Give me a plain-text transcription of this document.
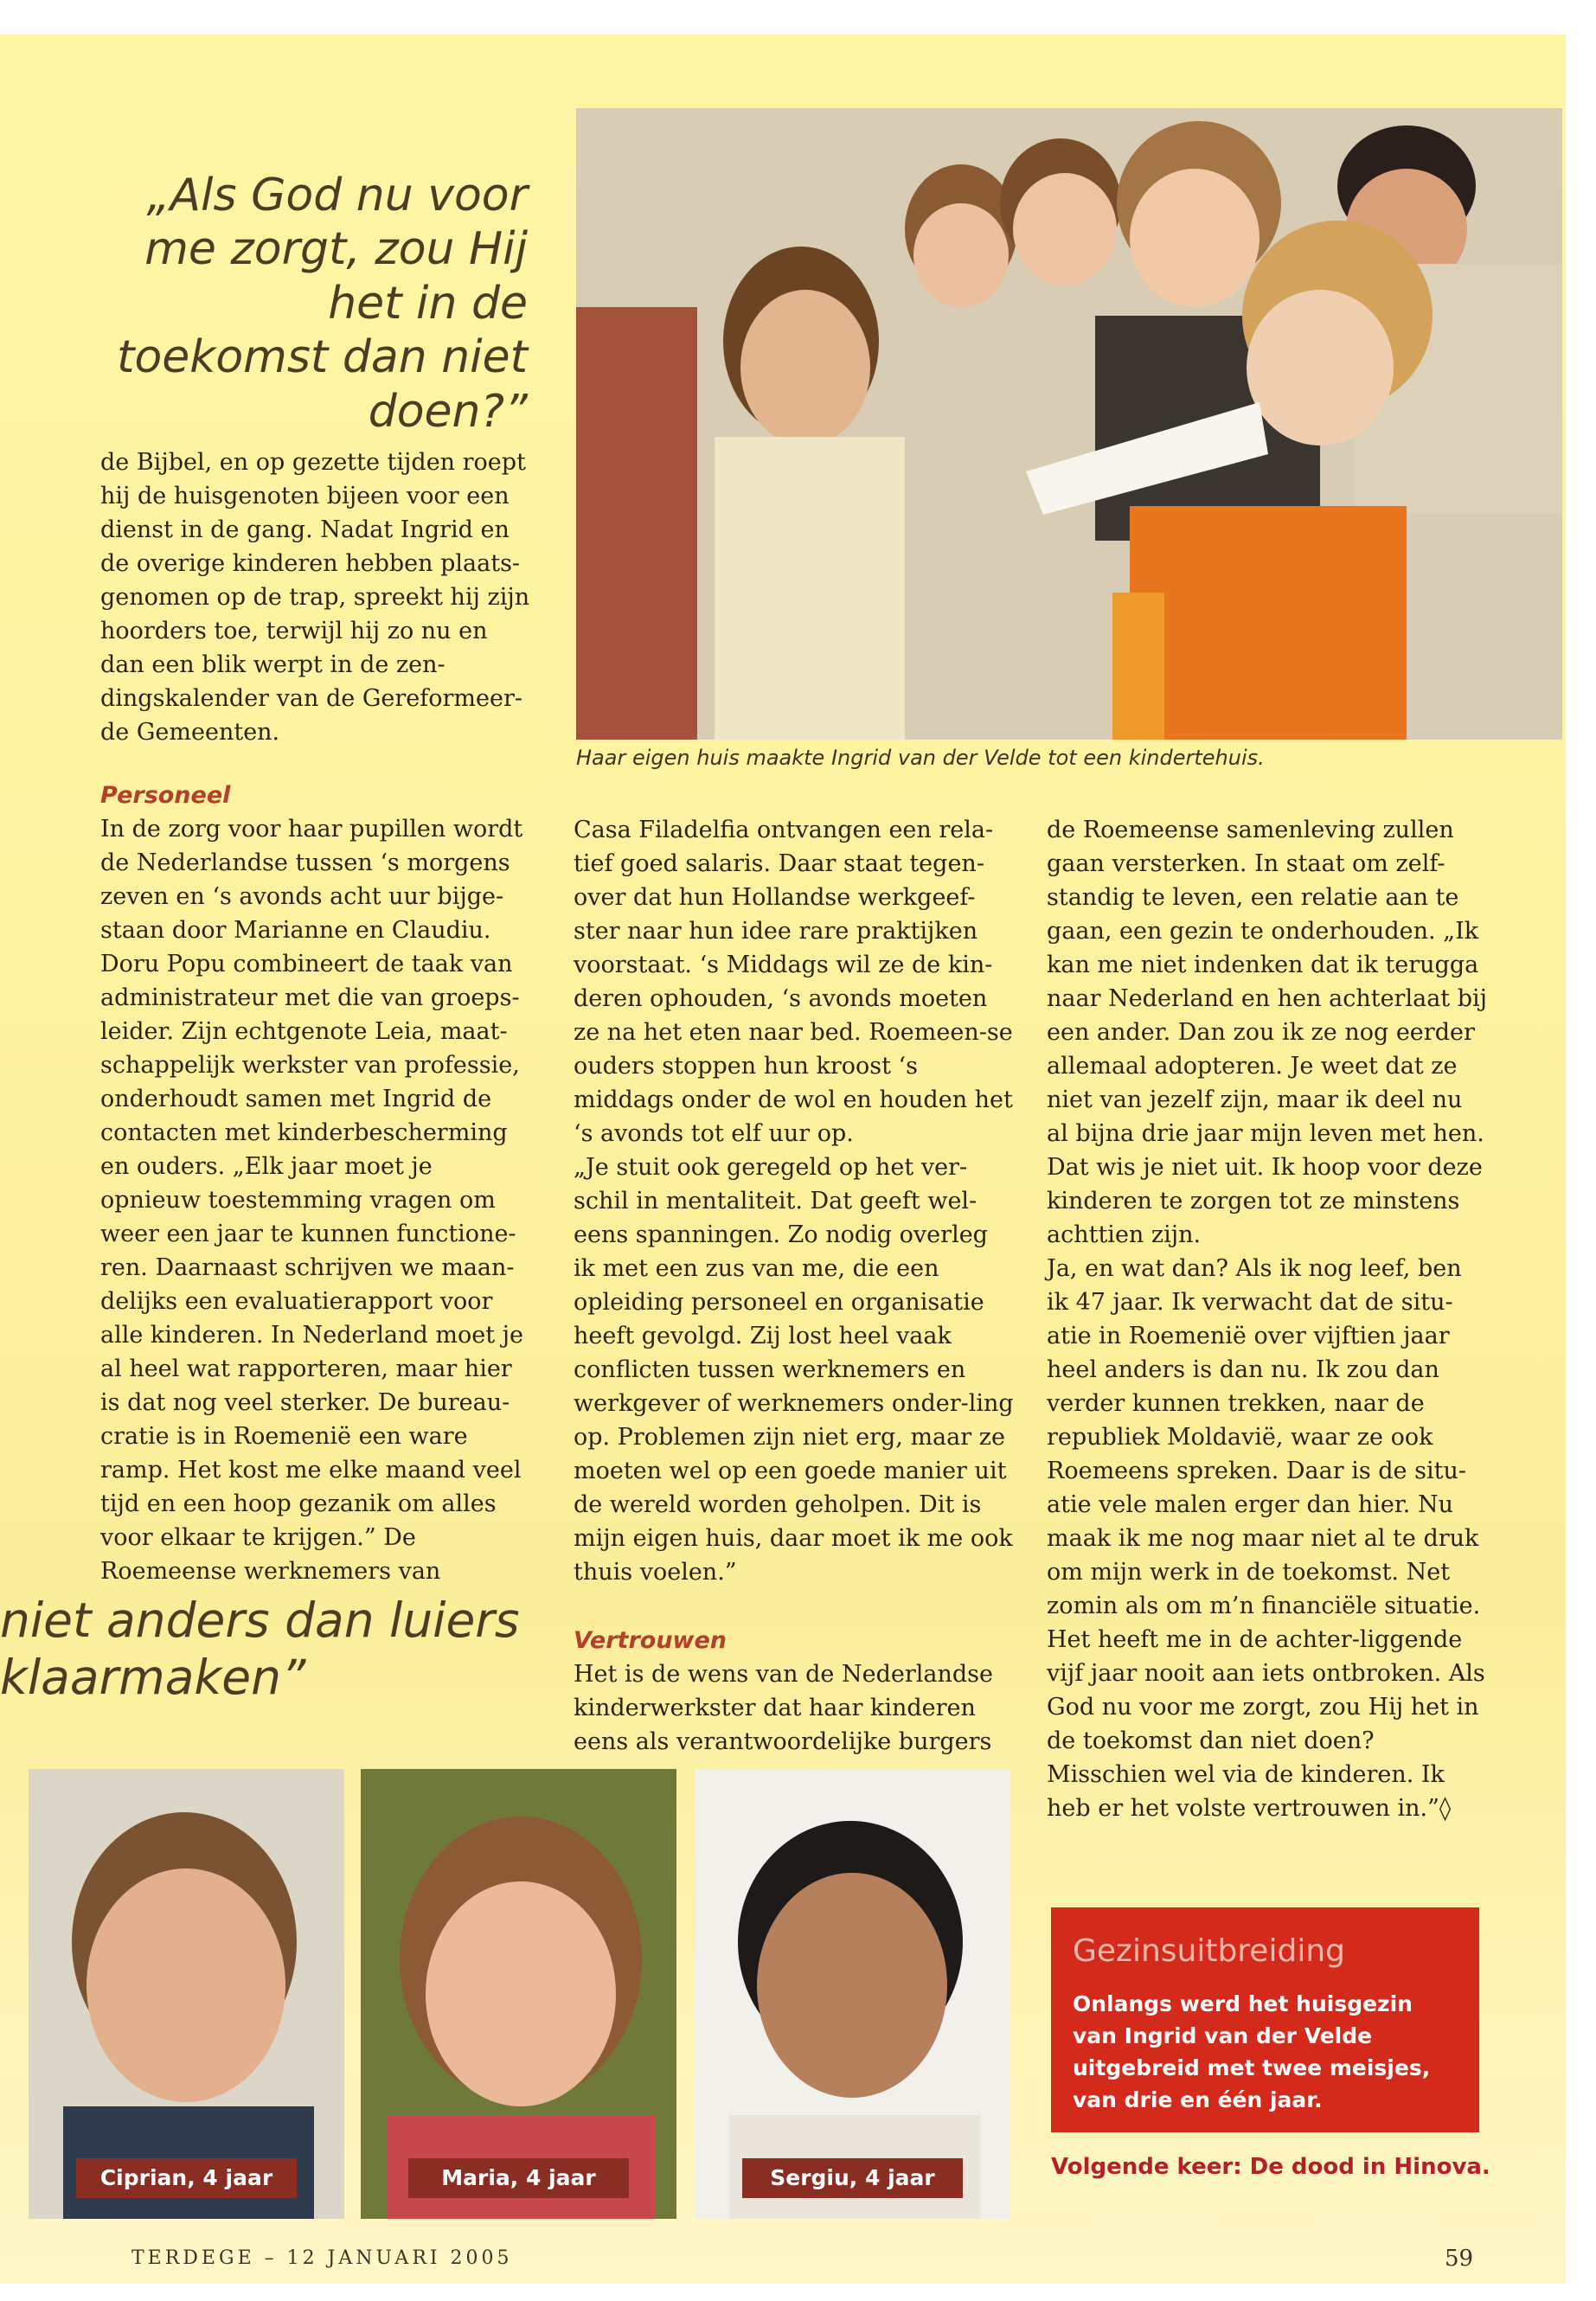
„Als God nu voor me zorgt, zou Hij het in de toekomst dan niet doen?”

de Bijbel, en op gezette tijden roept hij de huisgenoten bijeen voor een dienst in de gang. Nadat Ingrid en de overige kinderen hebben plaats-genomen op de trap, spreekt hij zijn hoorders toe, terwijl hij zo nu en dan een blik werpt in de zen-dingskalender van de Gereformeer-de Gemeenten.

Personeel

In de zorg voor haar pupillen wordt de Nederlandse tussen ‘s morgens zeven en ‘s avonds acht uur bijge-staan door Marianne en Claudiu. Doru Popu combineert de taak van administrateur met die van groeps-leider. Zijn echtgenote Leia, maat-schappelijk werkster van professie, onderhoudt samen met Ingrid de contacten met kinderbescherming en ouders. „Elk jaar moet je opnieuw toestemming vragen om weer een jaar te kunnen functione-ren. Daarnaast schrijven we maan-delijks een evaluatierapport voor alle kinderen. In Nederland moet je al heel wat rapporteren, maar hier is dat nog veel sterker. De bureau-cratie is in Roemenië een ware ramp. Het kost me elke maand veel tijd en een hoop gezanik om alles voor elkaar te krijgen.” De Roemeense werknemers van

Haar eigen huis maakte Ingrid van der Velde tot een kindertehuis.

Casa Filadelfia ontvangen een rela-tief goed salaris. Daar staat tegen-over dat hun Hollandse werkgeef-ster naar hun idee rare praktijken voorstaat. ‘s Middags wil ze de kin-deren ophouden, ‘s avonds moeten ze na het eten naar bed. Roemeen-se ouders stoppen hun kroost ‘s middags onder de wol en houden het ‘s avonds tot elf uur op.

„Je stuit ook geregeld op het ver-schil in mentaliteit. Dat geeft wel-eens spanningen. Zo nodig overleg ik met een zus van me, die een opleiding personeel en organisatie heeft gevolgd. Zij lost heel vaak conflicten tussen werknemers en werkgever of werknemers onder-ling op. Problemen zijn niet erg, maar ze moeten wel op een goede manier uit de wereld worden geholpen. Dit is mijn eigen huis, daar moet ik me ook thuis voelen.”

Vertrouwen

Het is de wens van de Nederlandse kinderwerkster dat haar kinderen eens als verantwoordelijke burgers

de Roemeense samenleving zullen gaan versterken. In staat om zelf-standig te leven, een relatie aan te gaan, een gezin te onderhouden. „Ik kan me niet indenken dat ik terugga naar Nederland en hen achterlaat bij een ander. Dan zou ik ze nog eerder allemaal adopteren. Je weet dat ze niet van jezelf zijn, maar ik deel nu al bijna drie jaar mijn leven met hen. Dat wis je niet uit. Ik hoop voor deze kinderen te zorgen tot ze minstens achttien zijn.

Ja, en wat dan? Als ik nog leef, ben ik 47 jaar. Ik verwacht dat de situ-atie in Roemenië over vijftien jaar heel anders is dan nu. Ik zou dan verder kunnen trekken, naar de republiek Moldavië, waar ze ook Roemeens spreken. Daar is de situ-atie vele malen erger dan hier. Nu maak ik me nog maar niet al te druk om mijn werk in de toekomst. Net zomin als om m’n financiële situatie. Het heeft me in de achter-liggende vijf jaar nooit aan iets ontbroken. Als God nu voor me zorgt, zou Hij het in de toekomst dan niet doen? Misschien wel via de kinderen. Ik heb er het volste vertrouwen in.”◊

niet anders dan luiers klaarmaken”
Ciprian, 4 jaar	Maria, 4 jaar	Sergiu, 4 jaar
Gezinsuitbreiding
Onlangs werd het huisgezin van Ingrid van der Velde uitgebreid met twee meisjes, van drie en één jaar.
Volgende keer: De dood in Hinova.
TERDEGE – 12 JANUARI 2005	59
